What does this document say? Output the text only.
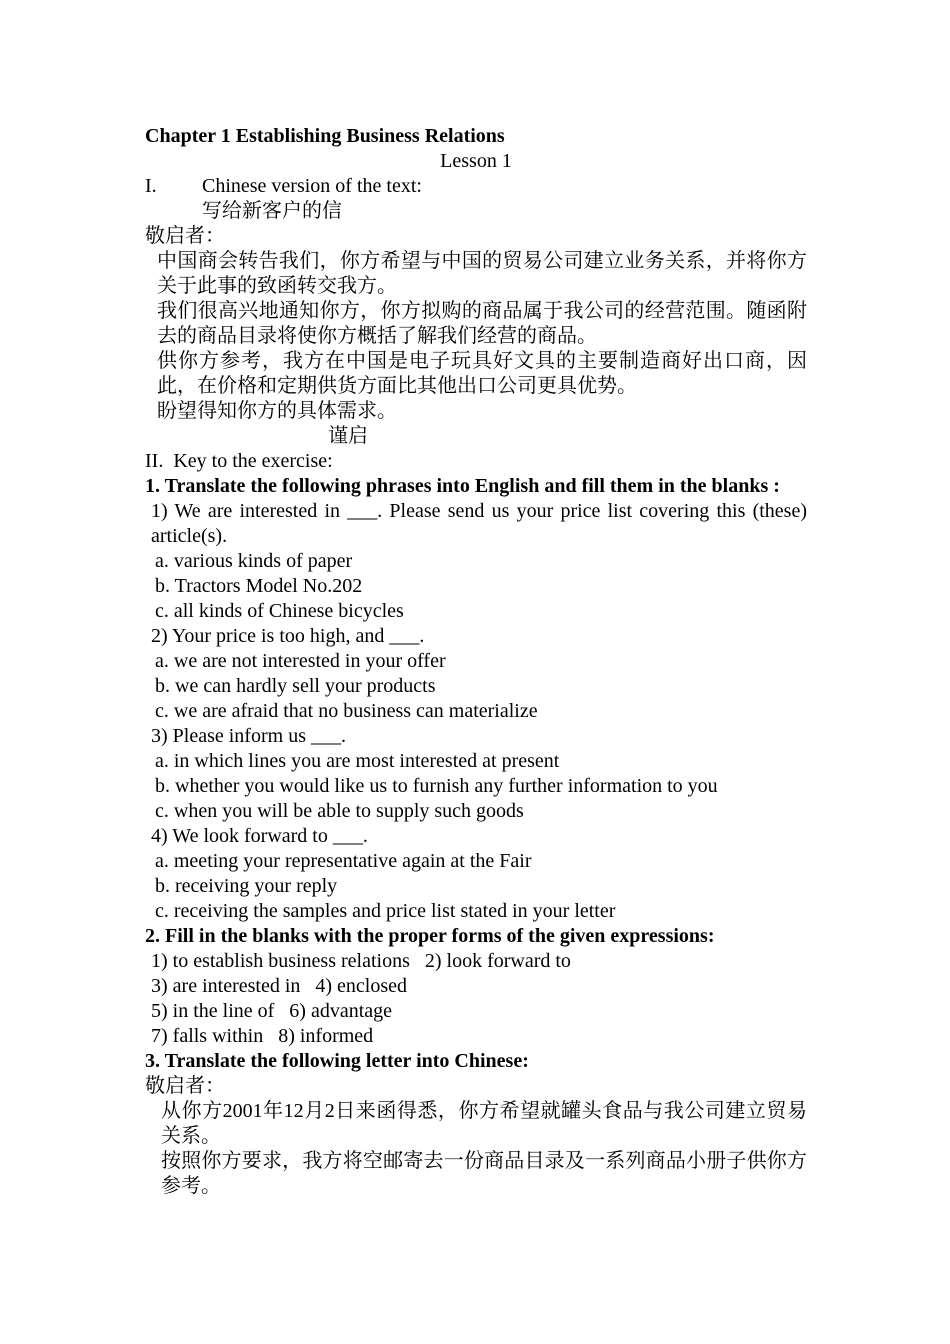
Chapter 1 Establishing Business Relations
Lesson 1
I.	Chinese version of the text:
写给新客户的信
敬启者：
中国商会转告我们，你方希望与中国的贸易公司建立业务关系，并将你方关于此事的致函转交我方。
我们很高兴地通知你方，你方拟购的商品属于我公司的经营范围。随函附去的商品目录将使你方概括了解我们经营的商品。
供你方参考，我方在中国是电子玩具好文具的主要制造商好出口商，因此，在价格和定期供货方面比其他出口公司更具优势。
盼望得知你方的具体需求。
谨启
II.  Key to the exercise:
1. Translate the following phrases into English and fill them in the blanks :
1) We are interested in ___. Please send us your price list covering this (these) article(s).
a. various kinds of paper
b. Tractors Model No.202
c. all kinds of Chinese bicycles
2) Your price is too high, and ___.
a. we are not interested in your offer
b. we can hardly sell your products
c. we are afraid that no business can materialize
3) Please inform us ___.
a. in which lines you are most interested at present
b. whether you would like us to furnish any further information to you
c. when you will be able to supply such goods
4) We look forward to ___.
a. meeting your representative again at the Fair
b. receiving your reply
c. receiving the samples and price list stated in your letter
2. Fill in the blanks with the proper forms of the given expressions:
1) to establish business relations   2) look forward to
3) are interested in   4) enclosed
5) in the line of   6) advantage
7) falls within   8) informed
3. Translate the following letter into Chinese:
敬启者：
从你方2001年12月2日来函得悉，你方希望就罐头食品与我公司建立贸易关系。
按照你方要求，我方将空邮寄去一份商品目录及一系列商品小册子供你方参考。
